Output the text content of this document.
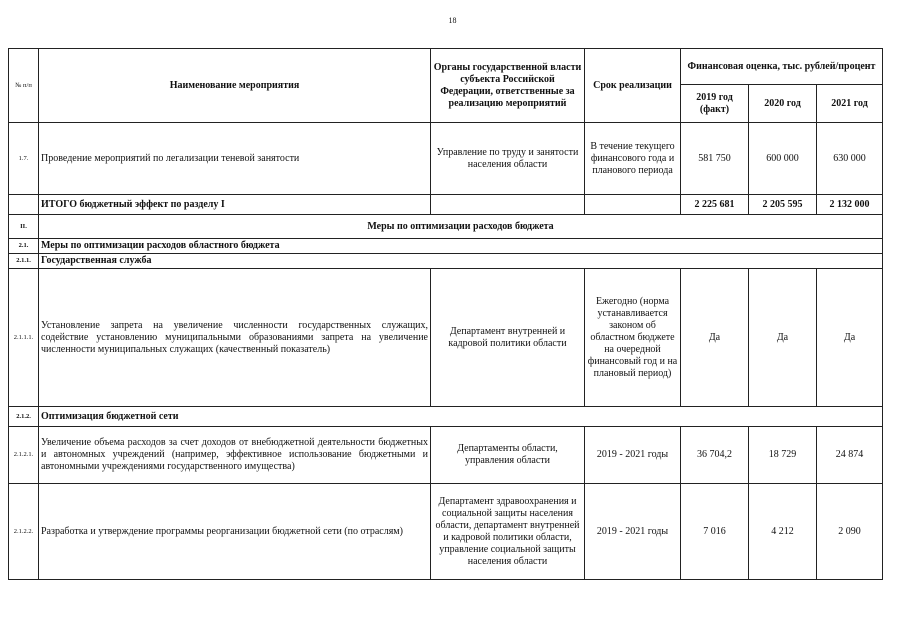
18
№ п/п	Наименование мероприятия	Органы государственной власти субъекта Российской Федерации, ответственные за реализацию мероприятий	Срок реализации	Финансовая оценка, тыс. рублей/процент		
				2019 год (факт)	2020 год	2021 год
1.7.	Проведение мероприятий по легализации теневой занятости	Управление по труду и занятости населения области	В течение текущего финансового года и планового периода	581 750	600 000	630 000
	ИТОГО бюджетный эффект по разделу I			2 225 681	2 205 595	2 132 000
II.	Меры по оптимизации расходов бюджета					
2.1.	Меры по оптимизации расходов областного бюджета					
2.1.1.	Государственная служба					
2.1.1.1.	Установление запрета на увеличение численности государственных служащих, содействие установлению муниципальными образованиями запрета на увеличение численности муниципальных служащих (качественный показатель)	Департамент внутренней и кадровой политики области	Ежегодно (норма устанавливается законом об областном бюджете на очередной финансовый год и на плановый период)	Да	Да	Да
2.1.2.	Оптимизация бюджетной сети					
2.1.2.1.	Увеличение объема расходов за счет доходов от внебюджетной деятельности бюджетных и автономных учреждений (например, эффективное использование бюджетными и автономными учреждениями государственного имущества)	Департаменты области, управления области	2019 - 2021 годы	36 704,2	18 729	24 874
2.1.2.2.	Разработка и утверждение программы реорганизации бюджетной сети (по отраслям)	Департамент здравоохранения и социальной защиты населения области, департамент внутренней и кадровой политики области, управление социальной защиты населения области	2019 - 2021 годы	7 016	4 212	2 090
